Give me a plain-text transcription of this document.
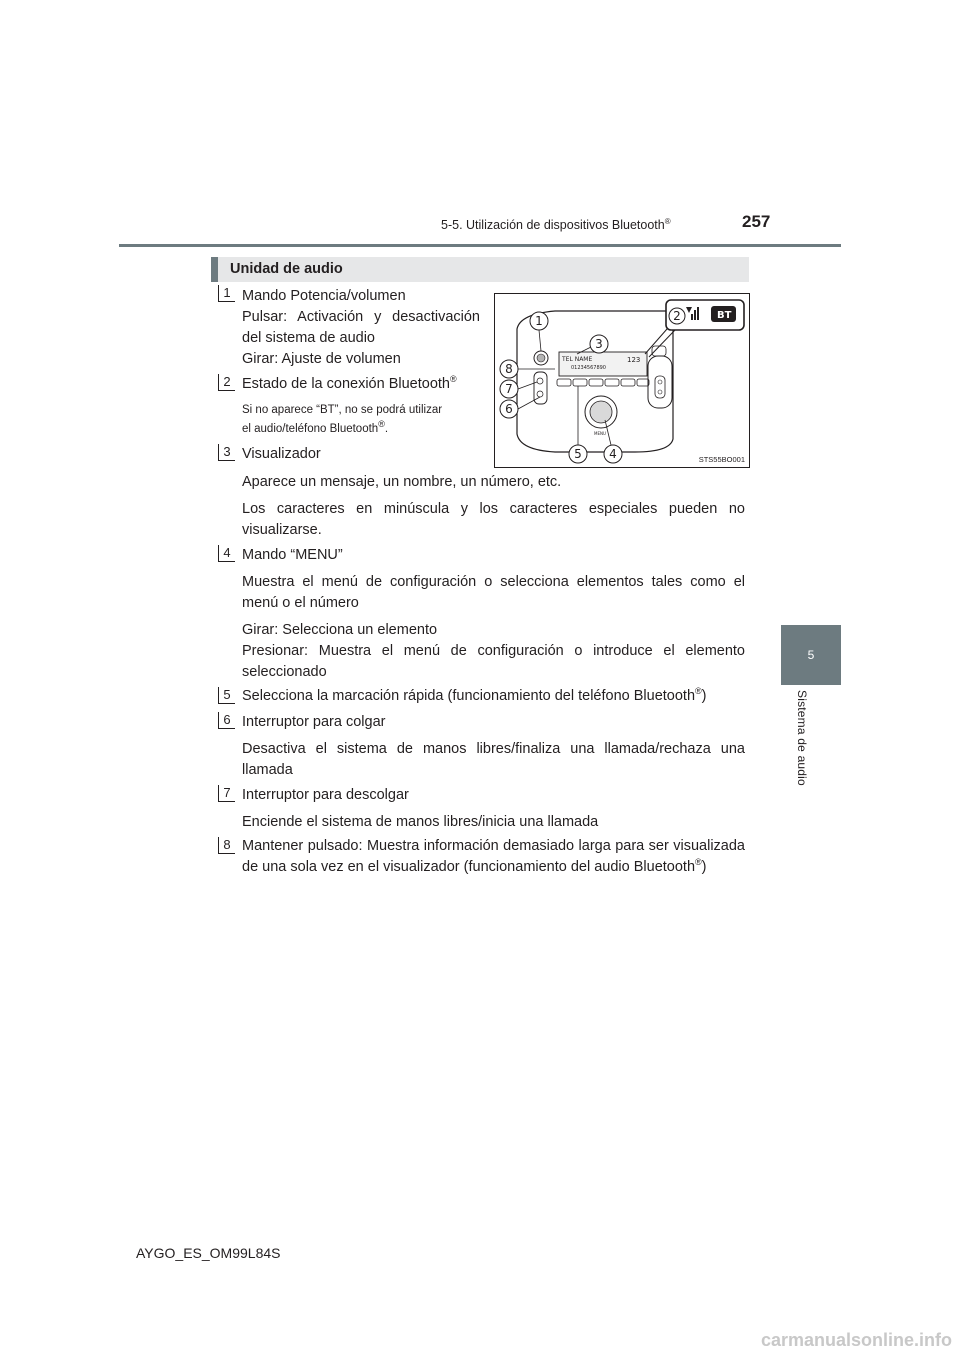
5-5. Utilización de dispositivos Bluetooth®	257
5
Sistema de audio
Unidad de audio
TEL NAME
01234567890
123
MENU
BT
1	2
3
4
5
6
7
8
STS55BO001
1 Mando Potencia/volumen
Pulsar: Activación y desactivación
del sistema de audio
Girar: Ajuste de volumen
2 Estado de la conexión Bluetooth®
Si no aparece “BT”, no se podrá utilizar
el audio/teléfono Bluetooth®.
3 Visualizador
Aparece un mensaje, un nombre, un número, etc.
Los caracteres en minúscula y los caracteres especiales pueden no visualizarse.
4 Mando “MENU”
Muestra el menú de configuración o selecciona elementos tales como el menú o el número
Girar: Selecciona un elemento
Presionar: Muestra el menú de configuración o introduce el elemento seleccionado
5 Selecciona la marcación rápida (funcionamiento del teléfono Bluetooth®)
6 Interruptor para colgar
Desactiva el sistema de manos libres/finaliza una llamada/rechaza una llamada
7 Interruptor para descolgar
Enciende el sistema de manos libres/inicia una llamada
8 Mantener pulsado: Muestra información demasiado larga para ser visualizada de una sola vez en el visualizador (funcionamiento del audio Bluetooth®)
AYGO_ES_OM99L84S
carmanualsonline.info
